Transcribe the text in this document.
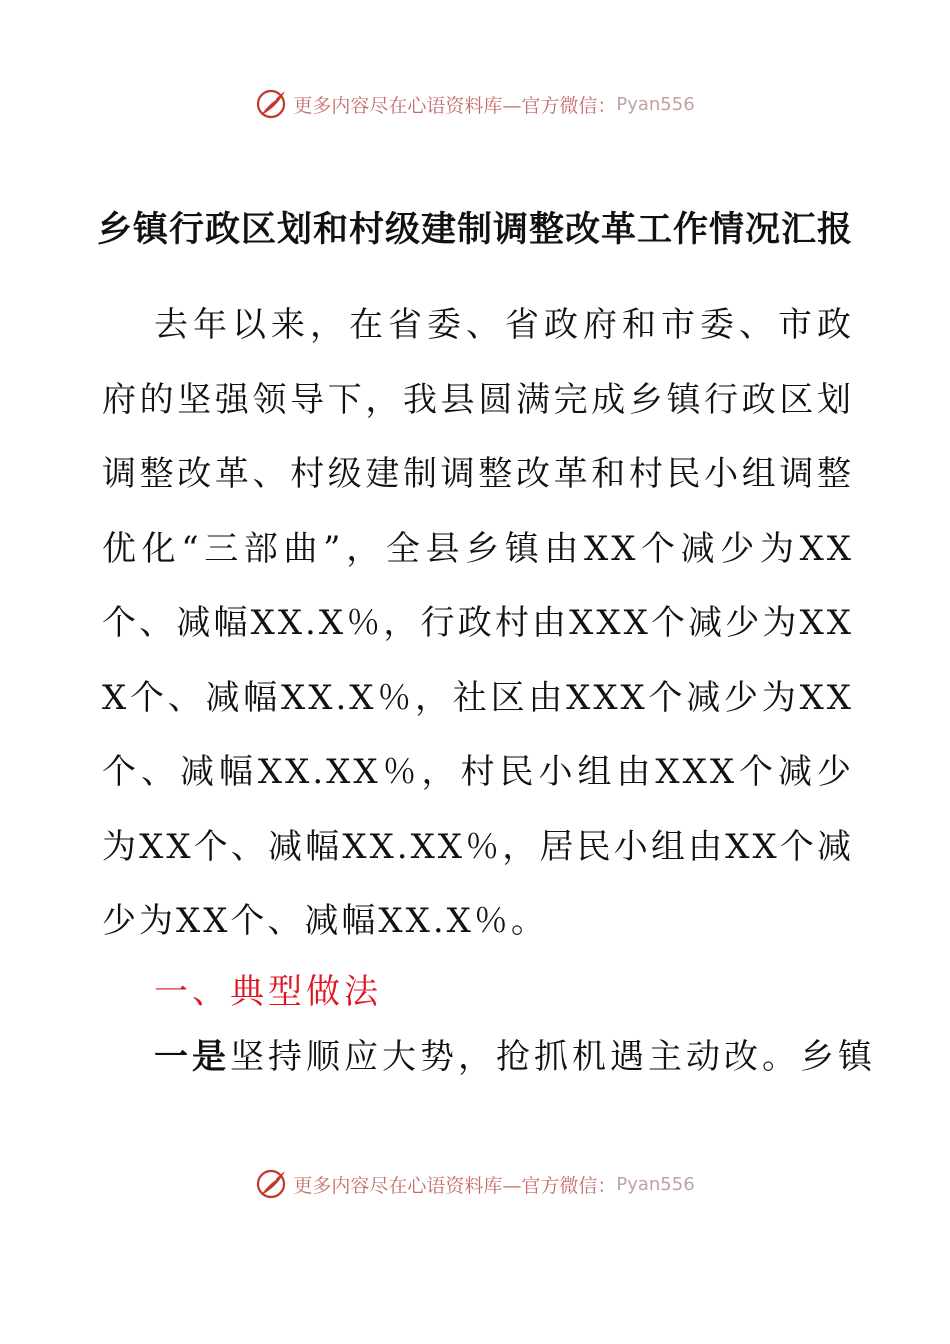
更多内容尽在心语资料库—官方微信： Pyan556
乡镇行政区划和村级建制调整改革工作情况汇报

去年以来，在省委、省政府和市委、市政府的坚强领导下，我县圆满完成乡镇行政区划调整改革、村级建制调整改革和村民小组调整优化“三部曲”，全县乡镇由XX个减少为XX个、减幅XX.X％，行政村由XXX个减少为XXX个、减幅XX.X％，社区由XXX个减少为XX个、减幅XX.XX％，村民小组由XXX个减少为XX个、减幅XX.XX％，居民小组由XX个减少为XX个、减幅XX.X％。

一、典型做法

一是坚持顺应大势，抢抓机遇主动改。乡镇

更多内容尽在心语资料库—官方微信： Pyan556
